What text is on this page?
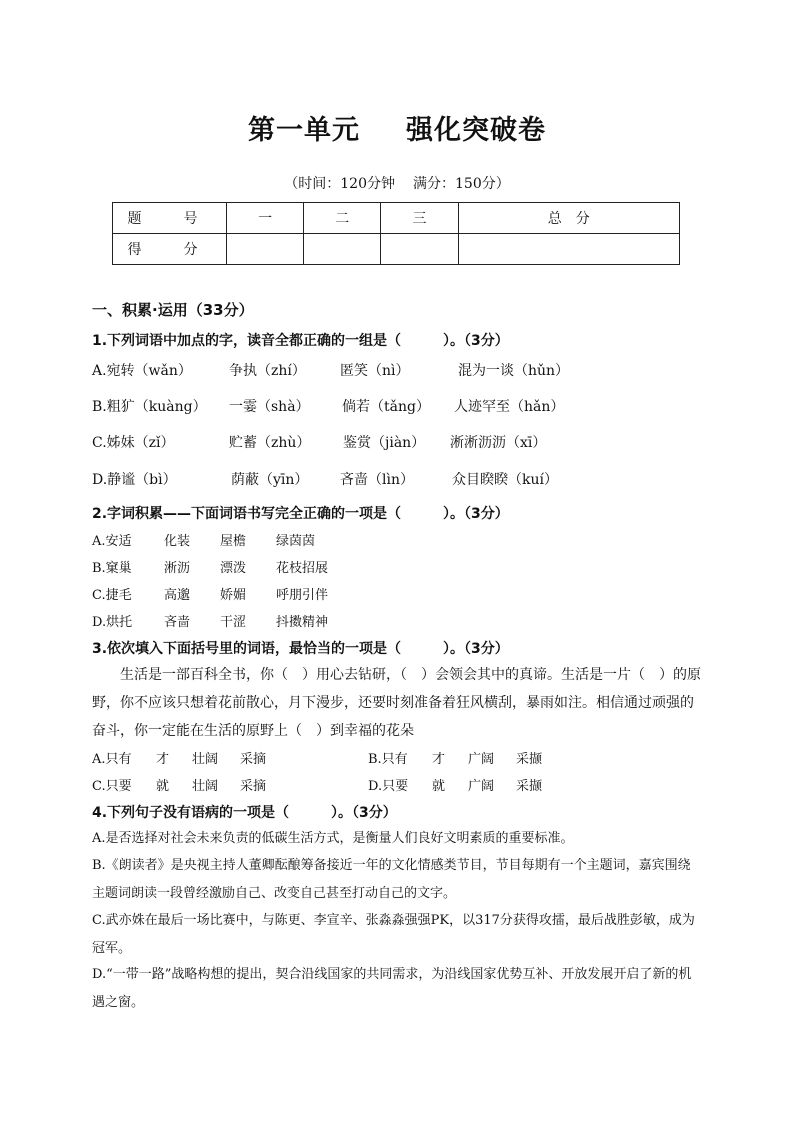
第一单元 强化突破卷
（时间：120分钟 满分：150分）
题　号	一	二	三	总　分
得　分				
一、积累·运用（33分）
1.下列词语中加点的字，读音全都正确的一组是（　　　）。（3分）
A.宛转（wǎn）	争执（zhí） 匿笑（nì）	混为一谈（hǔn）
B.粗犷（kuàng） 一霎（shà） 倘若（tǎng） 人迹罕至（hǎn）
C.姊妹（zǐ）	贮蓄（zhù） 鉴赏（jiàn） 淅淅沥沥（xī）
D.静谧（bì）	荫蔽（yīn） 吝啬（lìn）	众目睽睽（kuí）
2.字词积累——下面词语书写完全正确的一项是（　　　）。（3分）
A.安适 化装 屋檐 绿茵茵
B.窠巢 淅沥 漂泼 花枝招展
C.捷毛 高邈 娇媚 呼朋引伴
D.烘托 吝啬 干涩 抖擞精神
3.依次填入下面括号里的词语，最恰当的一项是（　　　）。（3分）
生活是一部百科全书，你（　）用心去钻研，（　）会领会其中的真谛。生活是一片（　）的原野，你不应该只想着花前散心，月下漫步，还要时刻准备着狂风横刮，暴雨如注。相信通过顽强的奋斗，你一定能在生活的原野上（　）到幸福的花朵
A.只有 才 壮阔 采摘	B.只有 才 广阔 采撷
C.只要 就 壮阔 采摘	D.只要 就 广阔 采撷
4.下列句子没有语病的一项是（　　　）。（3分）
A.是否选择对社会未来负责的低碳生活方式，是衡量人们良好文明素质的重要标准。
B.《朗读者》是央视主持人董卿酝酿筹备接近一年的文化情感类节目，节目每期有一个主题词，嘉宾围绕主题词朗读一段曾经激励自己、改变自己甚至打动自己的文字。
C.武亦姝在最后一场比赛中，与陈更、李宣辛、张淼淼强强PK，以317分获得攻擂，最后战胜彭敏，成为冠军。
D.“一带一路”战略构想的提出，契合沿线国家的共同需求，为沿线国家优势互补、开放发展开启了新的机遇之窗。
